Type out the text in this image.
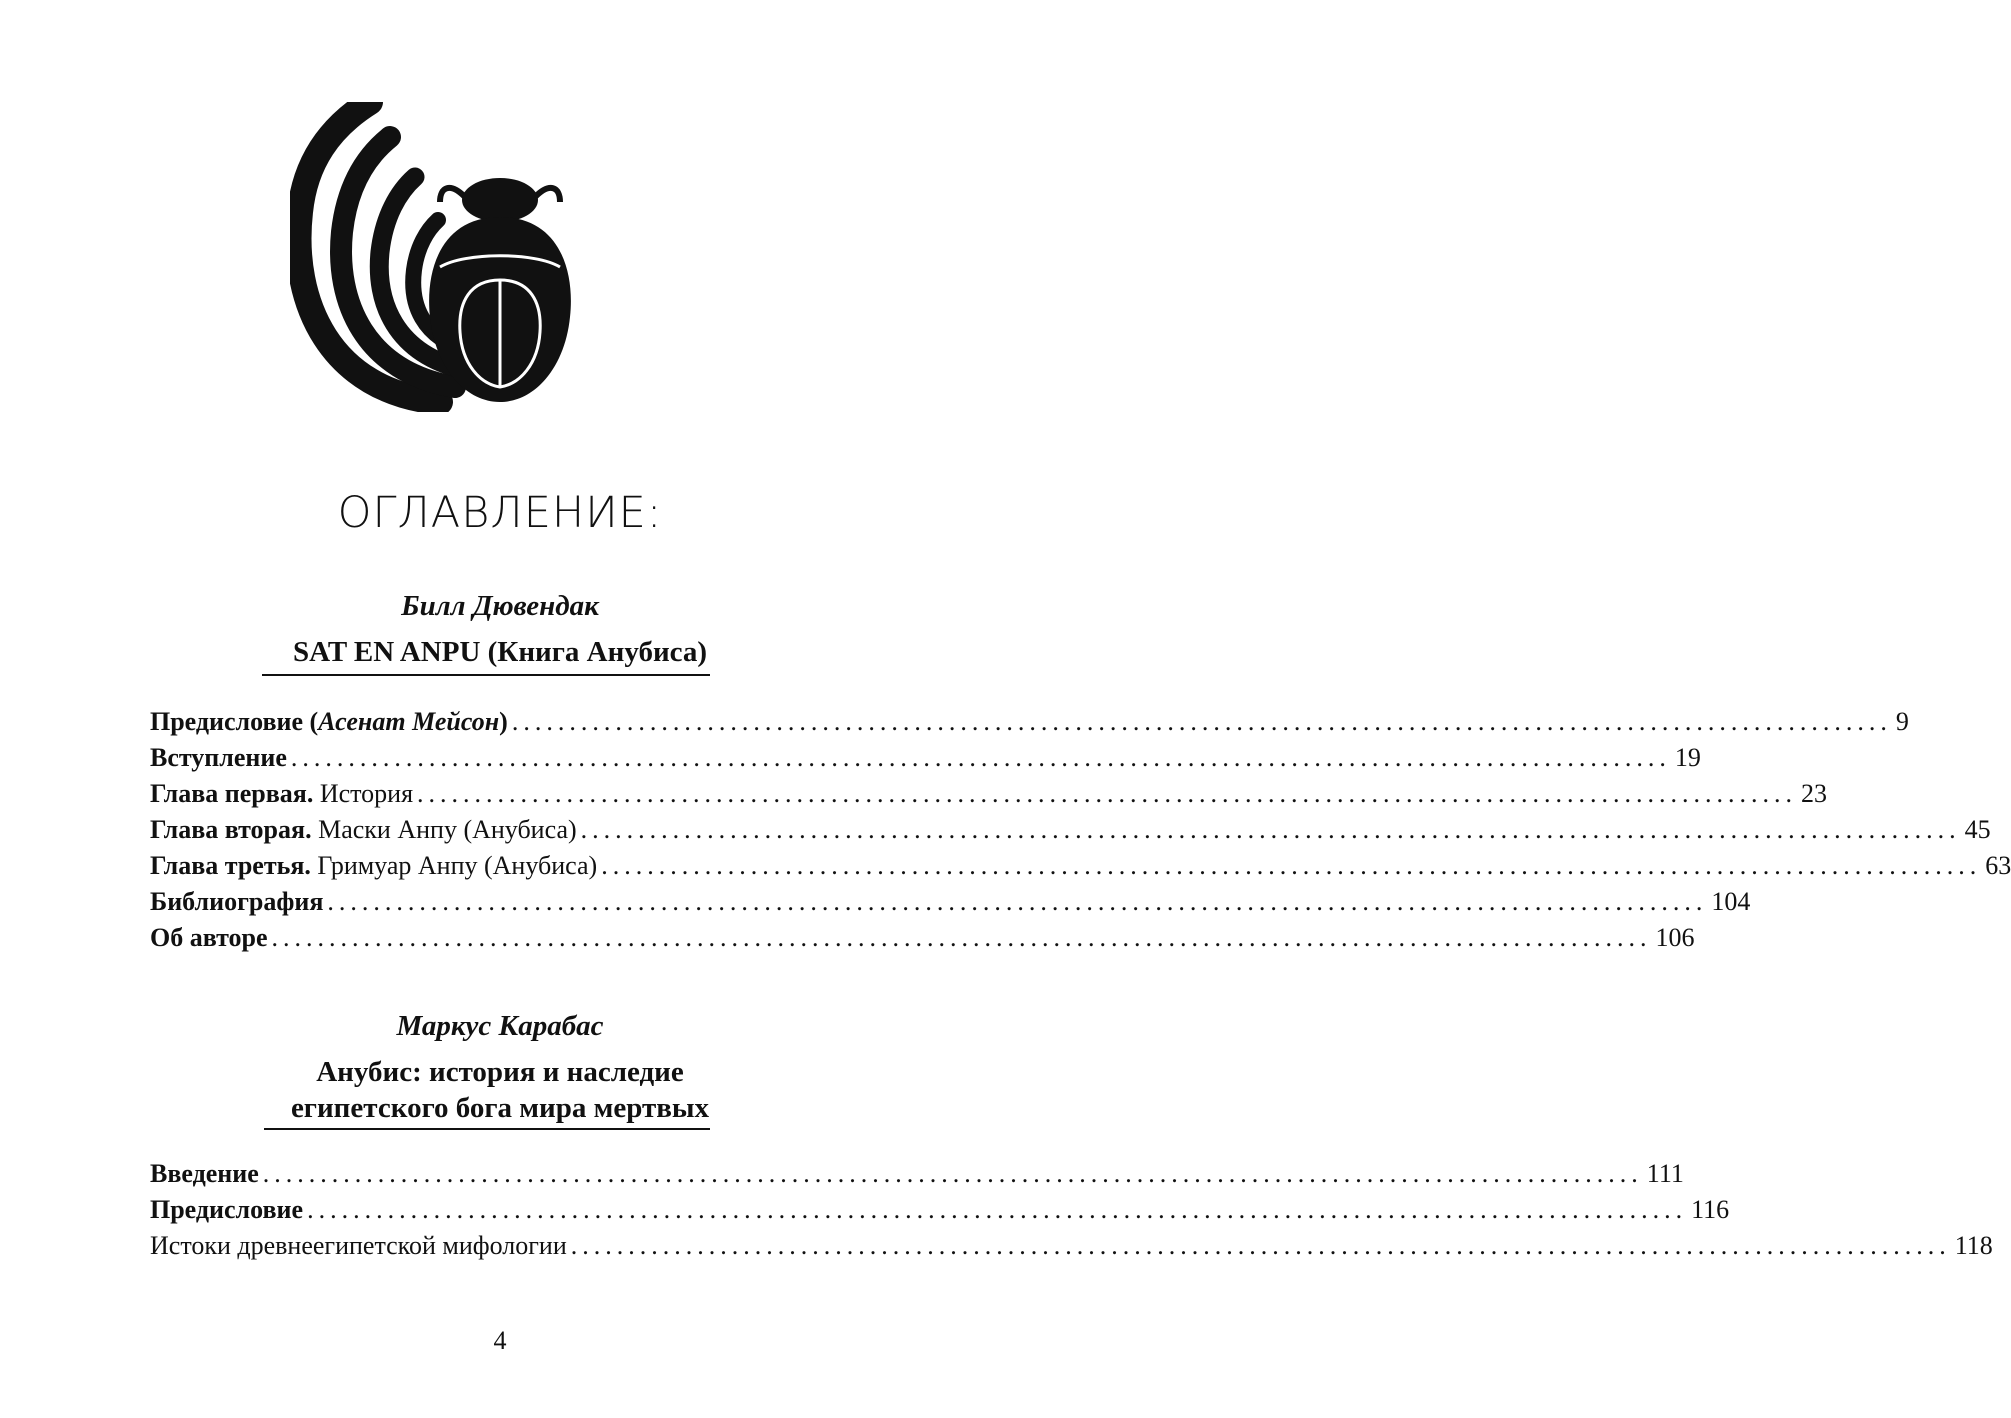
ОГЛАВЛЕНИЕ:
Билл Дювендак
SAT EN ANPU (Книга Анубиса)
Предисловие (Асенат Мейсон) ........................................................................................................................ 9
Вступление ........................................................................................................................ 19
Глава первая. История ........................................................................................................................ 23
Глава вторая. Маски Анпу (Анубиса) ........................................................................................................................ 45
Глава третья. Гримуар Анпу (Анубиса) ........................................................................................................................ 63
Библиография ........................................................................................................................ 104
Об авторе ........................................................................................................................ 106
Маркус Карабас
Анубис: история и наследие
египетского бога мира мертвых
Введение ........................................................................................................................ 111
Предисловие ........................................................................................................................ 116
Истоки древнеегипетской мифологии ........................................................................................................................ 118
4
